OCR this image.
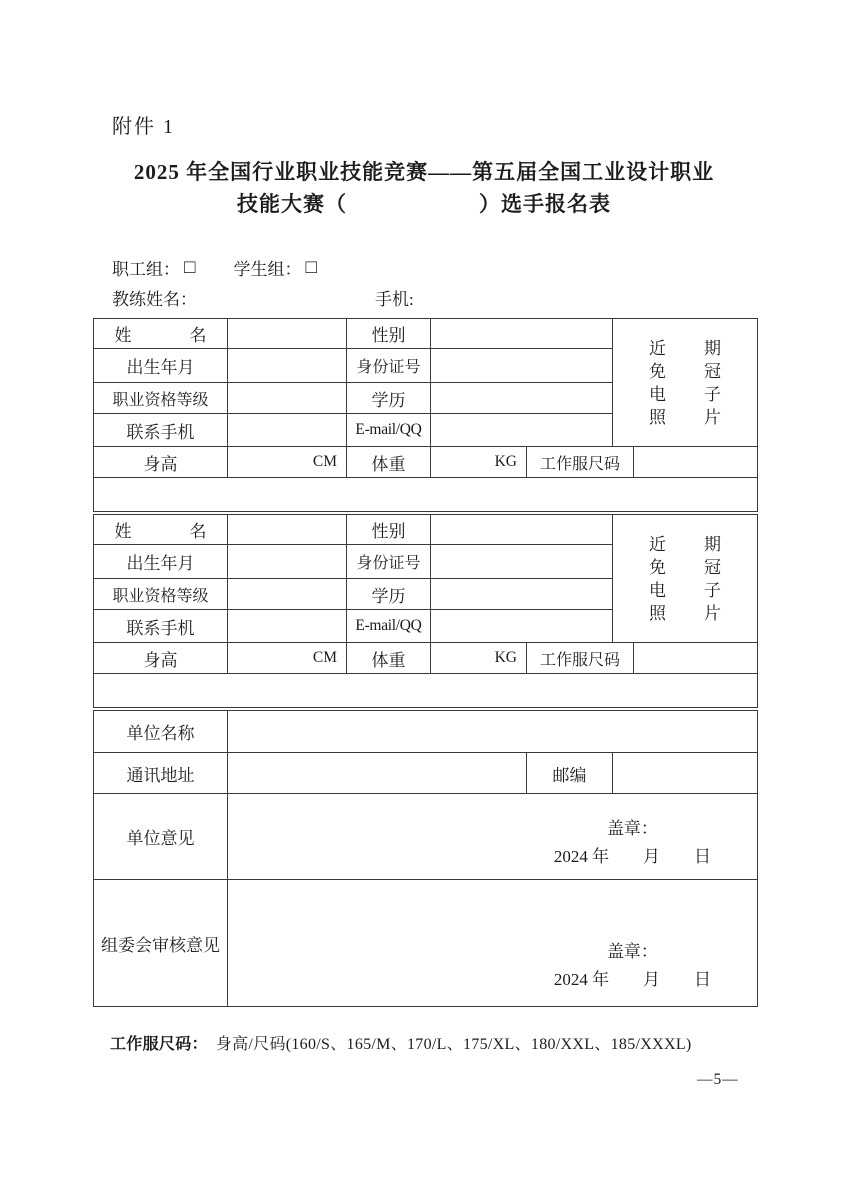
附件 1
2025 年全国行业职业技能竞赛——第五届全国工业设计职业
技能大赛（　　　　　　）选手报名表
职工组： □ 学生组： □
教练姓名：	手机:
姓名		性别			近期
免冠
电子
照片	

出生年月		身份证号				
职业资格等级		学历				
联系手机		E-mail/QQ				
身高	CM	体重	KG	工作服尺码		

姓名		性别			近期
免冠
电子
照片	

出生年月		身份证号				
职业资格等级		学历				
联系手机		E-mail/QQ				
身高	CM	体重	KG	工作服尺码		

单位名称			
通讯地址		邮编	
单位意见	盖章：
2024 年　　月　　日		

组委会审核意见	盖章：
2024 年　　月　　日		
工作服尺码： 身高/尺码(160/S、165/M、170/L、175/XL、180/XXL、185/XXXL)
—5—
